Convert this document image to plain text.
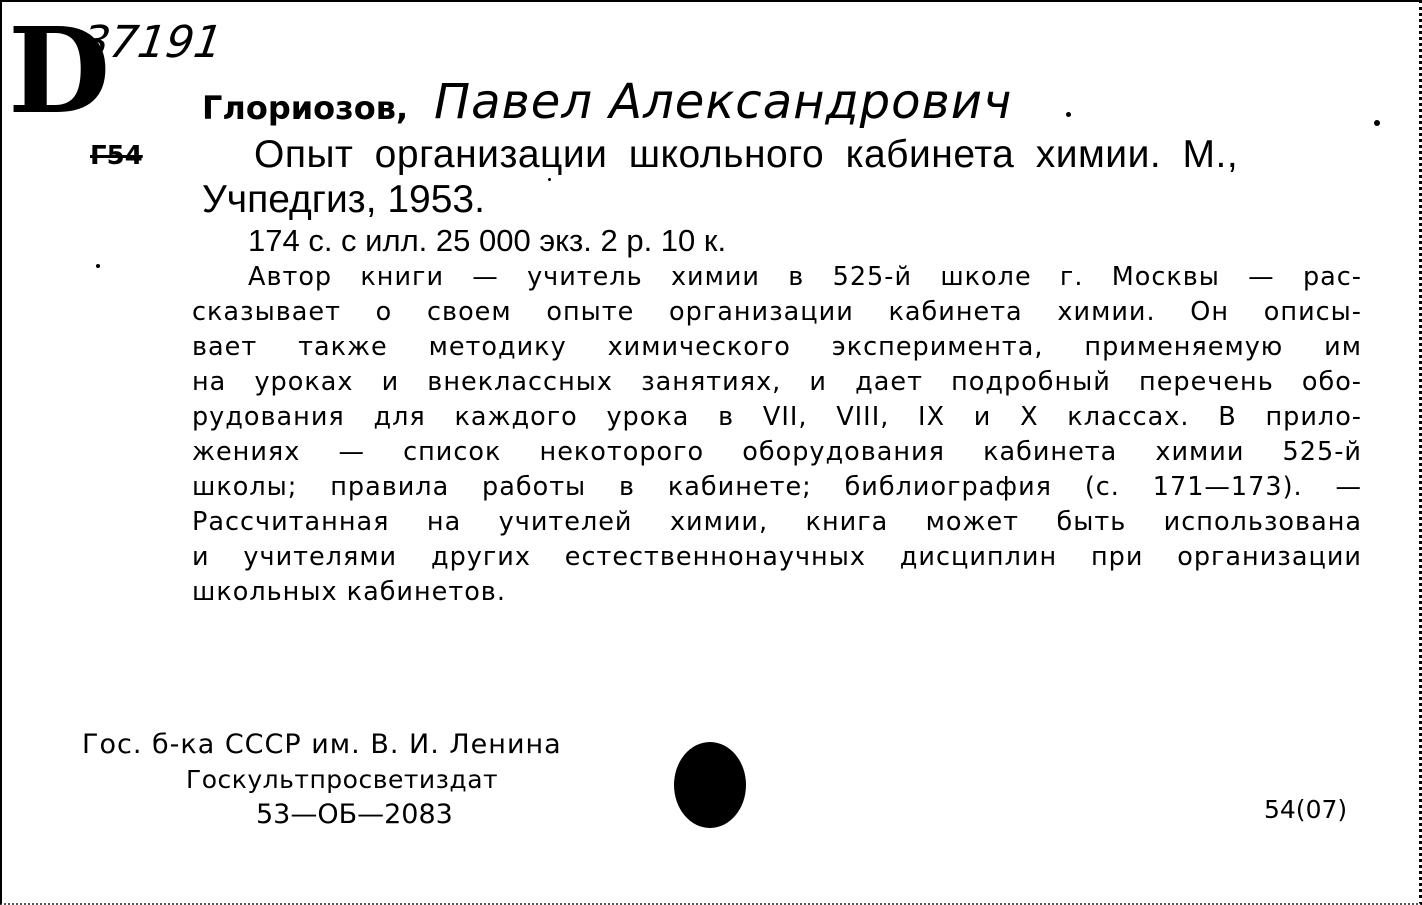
D
37191
Глориозов, Павел Александрович
Г54	Опыт организации школьного кабинета химии. М.,
Учпедгиз, 1953.
174 с. с илл. 25 000 экз. 2 р. 10 к.
Автор книги — учитель химии в 525-й школе г. Москвы — рас-
сказывает о своем опыте организации кабинета химии. Он описы-
вает также методику химического эксперимента, применяемую им
на уроках и внеклассных занятиях, и дает подробный перечень обо-
рудования для каждого урока в VII, VIII, IX и X классах. В прило-
жениях — список некоторого оборудования кабинета химии 525-й
школы; правила работы в кабинете; библиография (с. 171—173). —
Рассчитанная на учителей химии, книга может быть использована
и учителями других естественнонаучных дисциплин при организации
школьных кабинетов.
Гос. б-ка СССР им. В. И. Ленина
Госкультпросветиздат
53—ОБ—2083	54(07)
